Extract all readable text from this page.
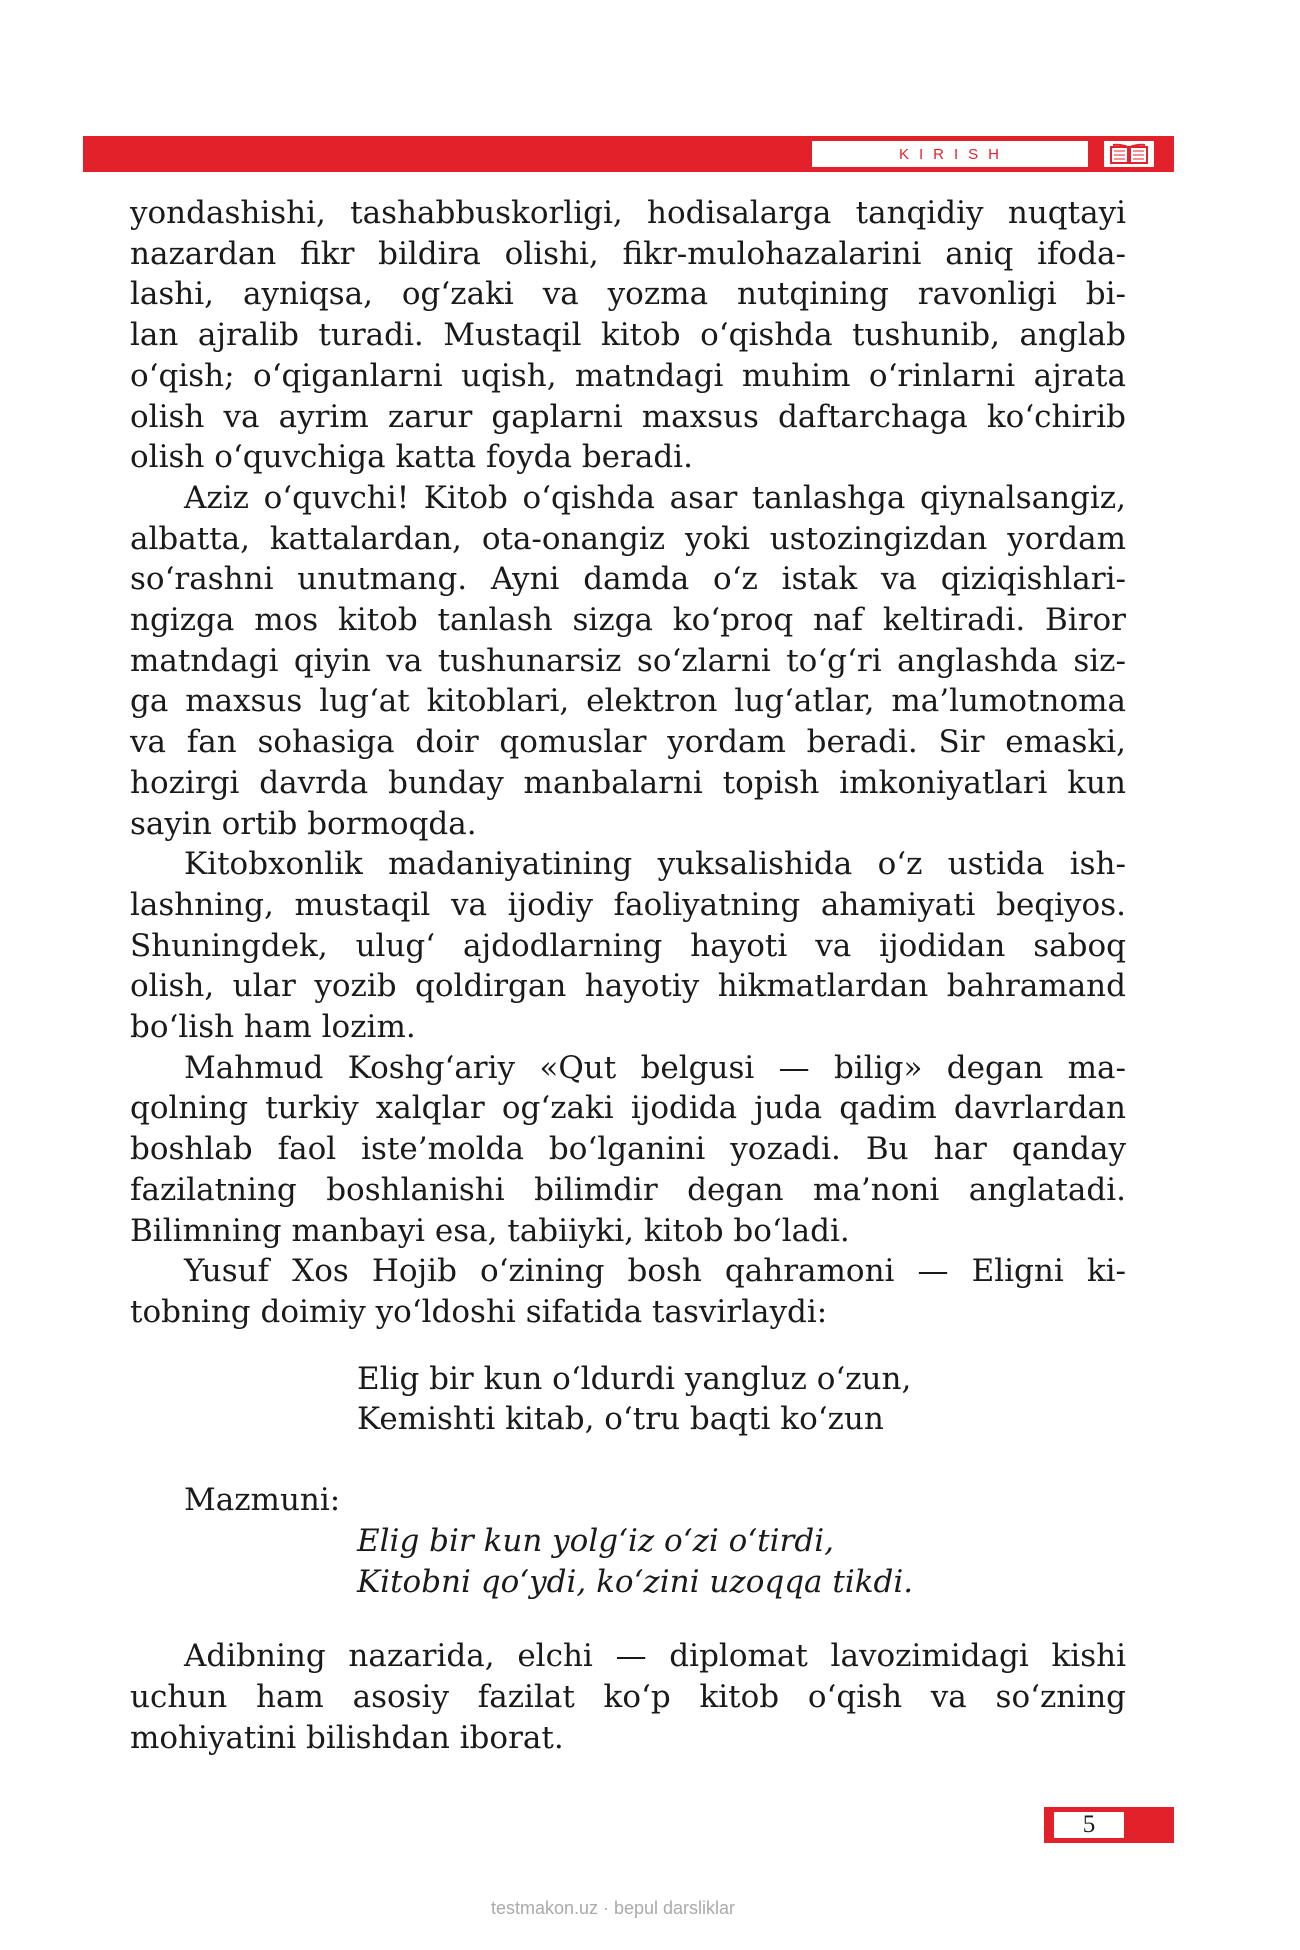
KIRISH
yondashishi, tashabbuskorligi, hodisalarga tanqidiy nuqtayi
nazardan fikr bildira olishi, fikr-mulohazalarini aniq ifoda-
lashi, ayniqsa, og‘zaki va yozma nutqining ravonligi bi-
lan ajralib turadi. Mustaqil kitob o‘qishda tushunib, anglab
o‘qish; o‘qiganlarni uqish, matndagi muhim o‘rinlarni ajrata
olish va ayrim zarur gaplarni maxsus daftarchaga ko‘chirib
olish o‘quvchiga katta foyda beradi.
Aziz o‘quvchi! Kitob o‘qishda asar tanlashga qiynalsangiz,
albatta, kattalardan, ota-onangiz yoki ustozingizdan yordam
so‘rashni unutmang. Ayni damda o‘z istak va qiziqishlari-
ngizga mos kitob tanlash sizga ko‘proq naf keltiradi. Biror
matndagi qiyin va tushunarsiz so‘zlarni to‘g‘ri anglashda siz-
ga maxsus lug‘at kitoblari, elektron lug‘atlar, ma’lumotnoma
va fan sohasiga doir qomuslar yordam beradi. Sir emaski,
hozirgi davrda bunday manbalarni topish imkoniyatlari kun
sayin ortib bormoqda.
Kitobxonlik madaniyatining yuksalishida o‘z ustida ish-
lashning, mustaqil va ijodiy faoliyatning ahamiyati beqiyos.
Shuningdek, ulug‘ ajdodlarning hayoti va ijodidan saboq
olish, ular yozib qoldirgan hayotiy hikmatlardan bahramand
bo‘lish ham lozim.
Mahmud Koshg‘ariy «Qut belgusi — bilig» degan ma-
qolning turkiy xalqlar og‘zaki ijodida juda qadim davrlardan
boshlab faol iste’molda bo‘lganini yozadi. Bu har qanday
fazilatning boshlanishi bilimdir degan ma’noni anglatadi.
Bilimning manbayi esa, tabiiyki, kitob bo‘ladi.
Yusuf Xos Hojib o‘zining bosh qahramoni — Eligni ki-
tobning doimiy yo‘ldoshi sifatida tasvirlaydi:
Elig bir kun o‘ldurdi yangluz o‘zun,
Kemishti kitab, o‘tru baqti ko‘zun
Mazmuni:
Elig bir kun yolg‘iz o‘zi o‘tirdi,
Kitobni qo‘ydi, ko‘zini uzoqqa tikdi.
Adibning nazarida, elchi — diplomat lavozimidagi kishi
uchun ham asosiy fazilat ko‘p kitob o‘qish va so‘zning
mohiyatini bilishdan iborat.
5
testmakon.uz · bepul darsliklar
